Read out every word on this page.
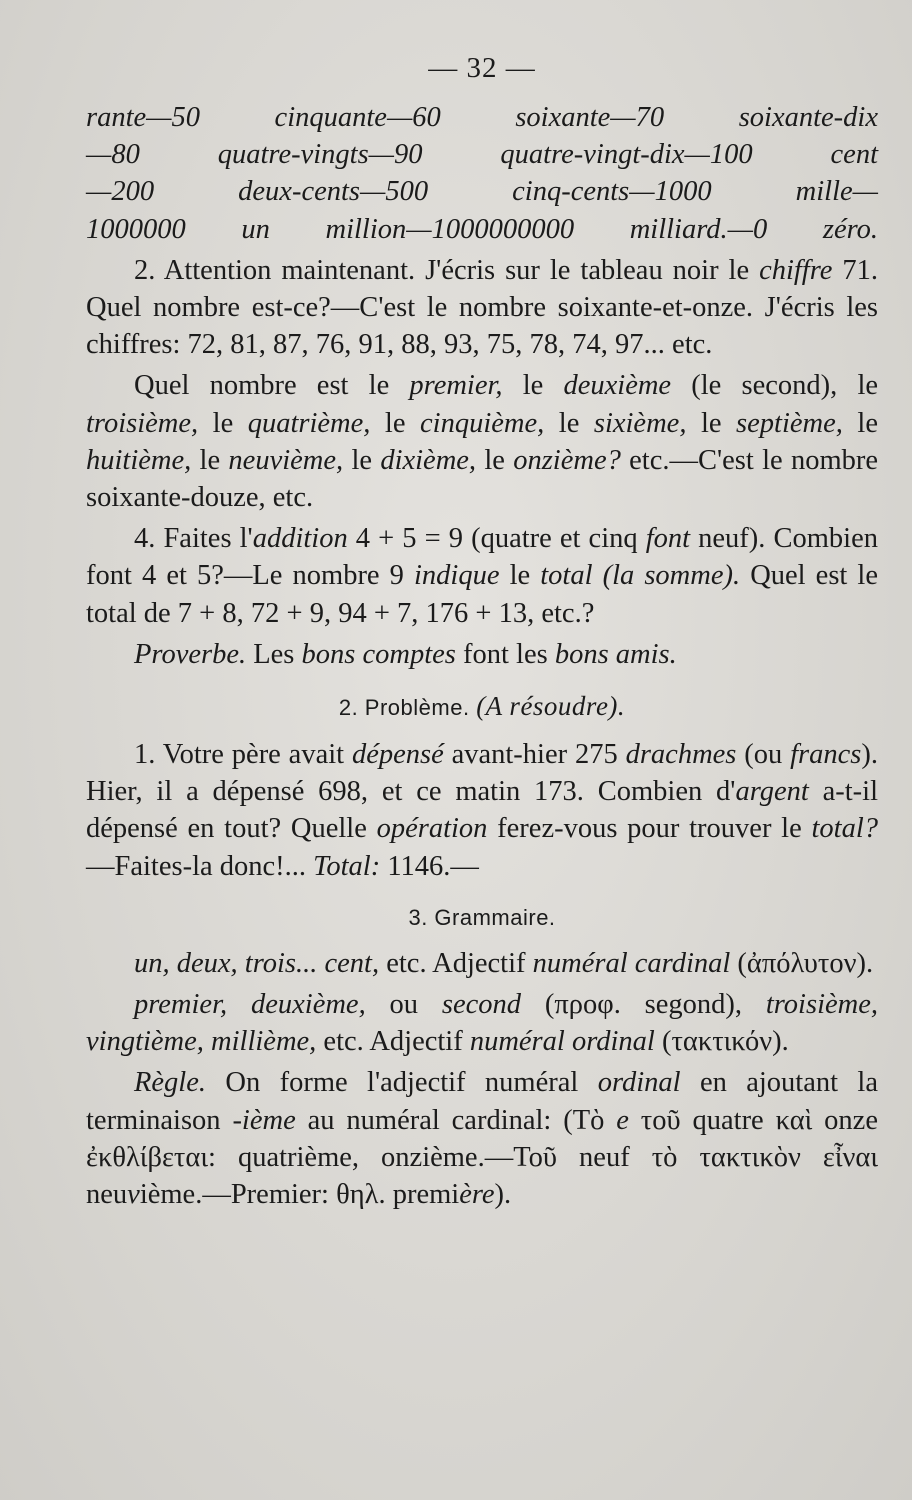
— 32 —

rante—50 cinquante—60 soixante—70 soixante-dix

—80 quatre-vingts—90 quatre-vingt-dix—100 cent

—200 deux-cents—500 cinq-cents—1000 mille—

1000000 un million—1000000000 milliard.—0 zéro.

2. Attention maintenant. J'écris sur le tableau noir le chiffre 71. Quel nombre est-ce?—C'est le nombre soixante-et-onze. J'écris les chiffres: 72, 81, 87, 76, 91, 88, 93, 75, 78, 74, 97... etc.

Quel nombre est le premier, le deuxième (le second), le troisième, le quatrième, le cinquième, le sixième, le septième, le huitième, le neuvième, le dixième, le onzième? etc.—C'est le nombre soixante-douze, etc.

4. Faites l'addition 4 + 5 = 9 (quatre et cinq font neuf). Combien font 4 et 5?—Le nombre 9 indique le total (la somme). Quel est le total de 7 + 8, 72 + 9, 94 + 7, 176 + 13, etc.?

Proverbe. Les bons comptes font les bons amis.

2. Problème. (A résoudre).

1. Votre père avait dépensé avant-hier 275 drachmes (ou francs). Hier, il a dépensé 698, et ce matin 173. Combien d'argent a-t-il dépensé en tout? Quelle opération ferez-vous pour trouver le total?—Faites-la donc!... Total: 1146.—

3. Grammaire.

un, deux, trois... cent, etc. Adjectif numéral cardinal (ἀπόλυτον).

premier, deuxième, ou second (προφ. segond), troisième, vingtième, millième, etc. Adjectif numéral ordinal (τακτικόν).

Règle. On forme l'adjectif numéral ordinal en ajoutant la terminaison -ième au numéral cardinal: (Τὸ e τοῦ quatre καὶ onze ἐκθλίβεται: quatrième, onzième.—Τοῦ neuf τὸ τακτικὸν εἶναι neuvième.—Premier: θηλ. première).
